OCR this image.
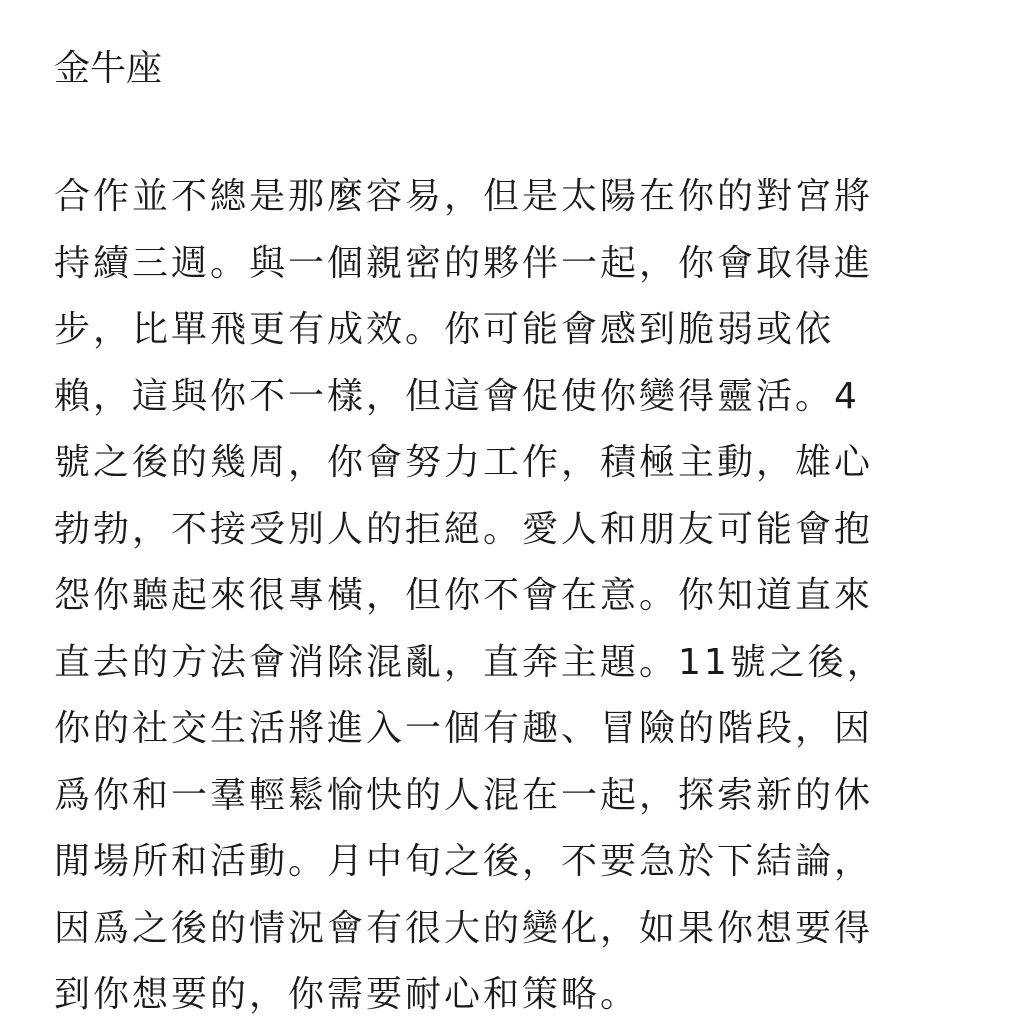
金牛座
合作並不總是那麼容易，但是太陽在你的對宮將
持續三週。與一個親密的夥伴一起，你會取得進
步，比單飛更有成效。你可能會感到脆弱或依
賴，這與你不一樣，但這會促使你變得靈活。4
號之後的幾周，你會努力工作，積極主動，雄心
勃勃，不接受別人的拒絕。愛人和朋友可能會抱
怨你聽起來很專橫，但你不會在意。你知道直來
直去的方法會消除混亂，直奔主題。11號之後，
你的社交生活將進入一個有趣、冒險的階段，因
爲你和一羣輕鬆愉快的人混在一起，探索新的休
閒場所和活動。月中旬之後，不要急於下結論，
因爲之後的情況會有很大的變化，如果你想要得
到你想要的，你需要耐心和策略。
